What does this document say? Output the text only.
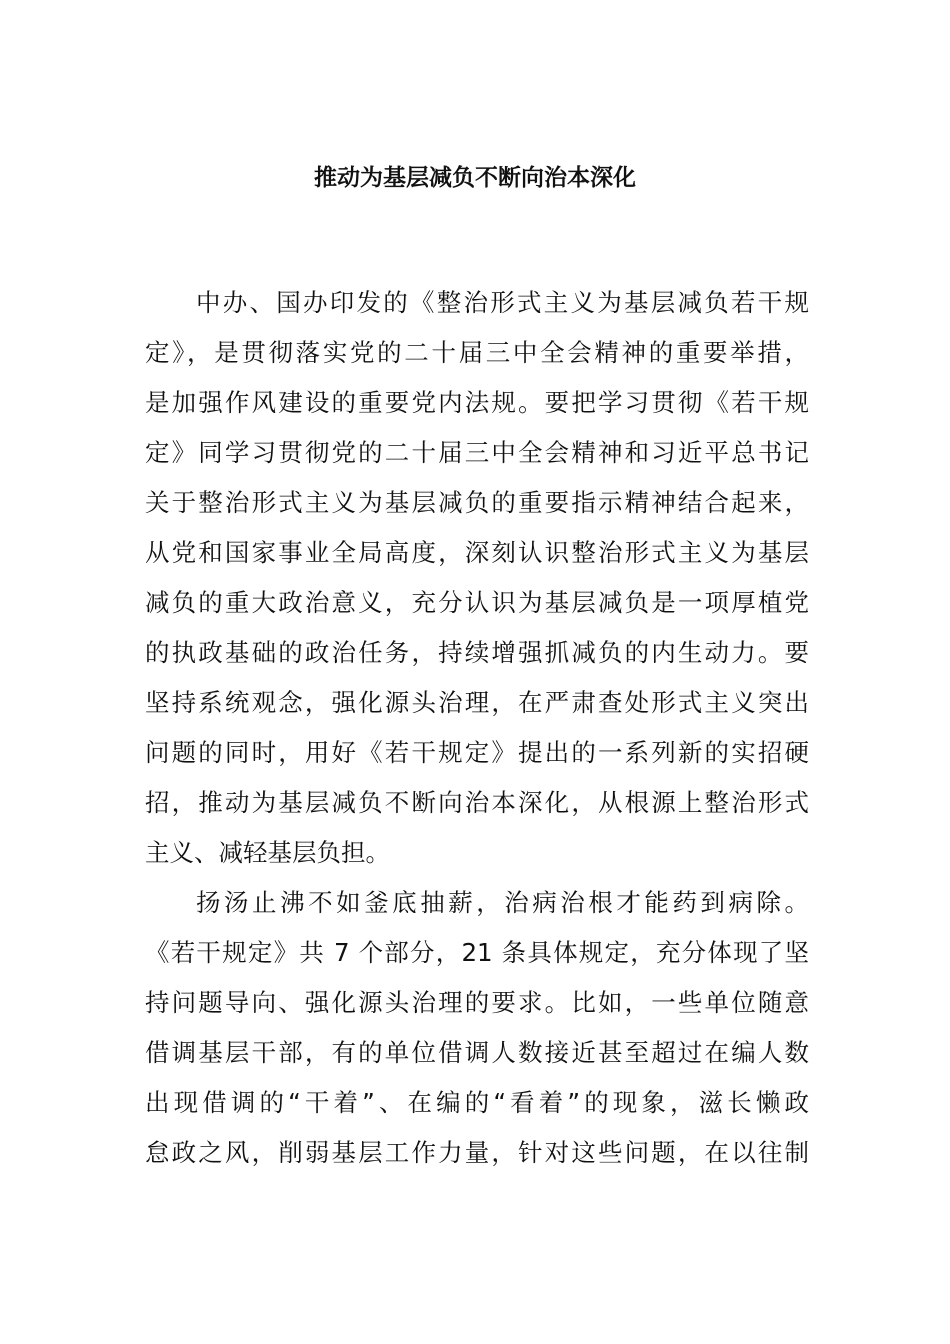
推动为基层减负不断向治本深化
中办、国办印发的《整治形式主义为基层减负若干规
定》，是贯彻落实党的二十届三中全会精神的重要举措，
是加强作风建设的重要党内法规。要把学习贯彻《若干规
定》同学习贯彻党的二十届三中全会精神和习近平总书记
关于整治形式主义为基层减负的重要指示精神结合起来，
从党和国家事业全局高度，深刻认识整治形式主义为基层
减负的重大政治意义，充分认识为基层减负是一项厚植党
的执政基础的政治任务，持续增强抓减负的内生动力。要
坚持系统观念，强化源头治理，在严肃查处形式主义突出
问题的同时，用好《若干规定》提出的一系列新的实招硬
招，推动为基层减负不断向治本深化，从根源上整治形式
主义、减轻基层负担。
扬汤止沸不如釜底抽薪，治病治根才能药到病除。
《若干规定》共 7 个部分，21 条具体规定，充分体现了坚
持问题导向、强化源头治理的要求。比如，一些单位随意
借调基层干部，有的单位借调人数接近甚至超过在编人数
出现借调的“干着”、在编的“看着”的现象，滋长懒政
怠政之风，削弱基层工作力量，针对这些问题，在以往制
